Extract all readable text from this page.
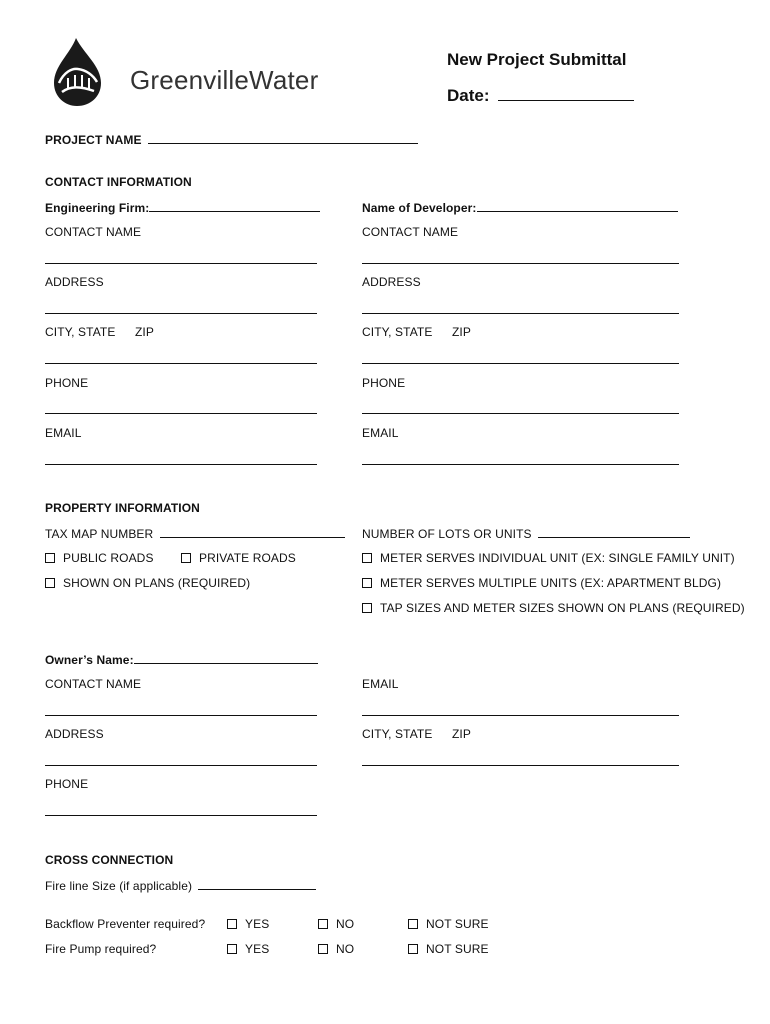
GreenvilleWater
New Project Submittal
Date:
PROJECT NAME
CONTACT INFORMATION
Engineering Firm:	Name of Developer:
CONTACT NAME
ADDRESS
CITY, STATE ZIP
PHONE
EMAIL
CONTACT NAME
ADDRESS
CITY, STATE ZIP
PHONE
EMAIL
PROPERTY INFORMATION
TAX MAP NUMBER	NUMBER OF LOTS OR UNITS
PUBLIC ROADS	PRIVATE ROADS
SHOWN ON PLANS (REQUIRED)
METER SERVES INDIVIDUAL UNIT (EX: SINGLE FAMILY UNIT)
METER SERVES MULTIPLE UNITS (EX: APARTMENT BLDG)
TAP SIZES AND METER SIZES SHOWN ON PLANS (REQUIRED)
Owner’s Name:
CONTACT NAME	EMAIL
ADDRESS	CITY, STATE ZIP
PHONE
CROSS CONNECTION
Fire line Size (if applicable)
Backflow Preventer required?	YES	NO	NOT SURE
Fire Pump required?	YES	NO	NOT SURE
